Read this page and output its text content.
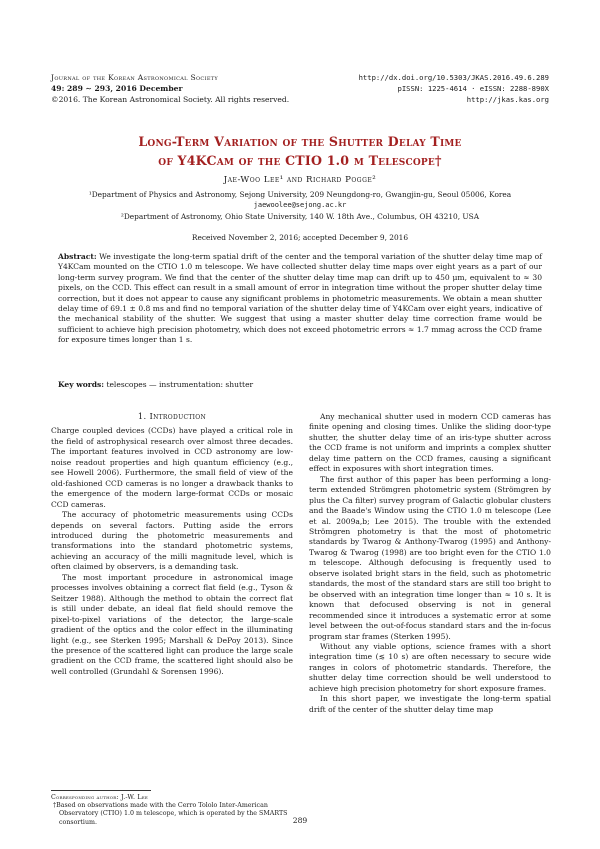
Journal of the Korean Astronomical Society
49: 289 ∼ 293, 2016 December
©2016. The Korean Astronomical Society. All rights reserved.
http://dx.doi.org/10.5303/JKAS.2016.49.6.289
pISSN: 1225-4614 · eISSN: 2288-890X
http://jkas.kas.org
Long-Term Variation of the Shutter Delay Time
of Y4KCam of the CTIO 1.0 m Telescope†
Jae-Woo Lee¹ and Richard Pogge²
¹Department of Physics and Astronomy, Sejong University, 209 Neungdong-ro, Gwangjin-gu, Seoul 05006, Korea
jaewoolee@sejong.ac.kr
²Department of Astronomy, Ohio State University, 140 W. 18th Ave., Columbus, OH 43210, USA
Received November 2, 2016; accepted December 9, 2016
Abstract: We investigate the long-term spatial drift of the center and the temporal variation of the shutter delay time map of Y4KCam mounted on the CTIO 1.0 m telescope. We have collected shutter delay time maps over eight years as a part of our long-term survey program. We find that the center of the shutter delay time map can drift up to 450 μm, equivalent to ≈ 30 pixels, on the CCD. This effect can result in a small amount of error in integration time without the proper shutter delay time correction, but it does not appear to cause any significant problems in photometric measurements. We obtain a mean shutter delay time of 69.1 ± 0.8 ms and find no temporal variation of the shutter delay time of Y4KCam over eight years, indicative of the mechanical stability of the shutter. We suggest that using a master shutter delay time correction frame would be sufficient to achieve high precision photometry, which does not exceed photometric errors ≈ 1.7 mmag across the CCD frame for exposure times longer than 1 s.
Key words: telescopes — instrumentation: shutter
1. Introduction

Charge coupled devices (CCDs) have played a critical role in the field of astrophysical research over almost three decades. The important features involved in CCD astronomy are low-noise readout properties and high quantum efficiency (e.g., see Howell 2006). Furthermore, the small field of view of the old-fashioned CCD cameras is no longer a drawback thanks to the emergence of the modern large-format CCDs or mosaic CCD cameras.

The accuracy of photometric measurements using CCDs depends on several factors. Putting aside the errors introduced during the photometric measurements and transformations into the standard photometric systems, achieving an accuracy of the milli magnitude level, which is often claimed by observers, is a demanding task.

The most important procedure in astronomical image processes involves obtaining a correct flat field (e.g., Tyson & Seitzer 1988). Although the method to obtain the correct flat is still under debate, an ideal flat field should remove the pixel-to-pixel variations of the detector, the large-scale gradient of the optics and the color effect in the illuminating light (e.g., see Sterken 1995; Marshall & DePoy 2013). Since the presence of the scattered light can produce the large scale gradient on the CCD frame, the scattered light should also be well controlled (Grundahl & Sorensen 1996).

Any mechanical shutter used in modern CCD cameras has finite opening and closing times. Unlike the sliding door-type shutter, the shutter delay time of an iris-type shutter across the CCD frame is not uniform and imprints a complex shutter delay time pattern on the CCD frames, causing a significant effect in exposures with short integration times.

The first author of this paper has been performing a long-term extended Strömgren photometric system (Strömgren by plus the Ca filter) survey program of Galactic globular clusters and the Baade's Window using the CTIO 1.0 m telescope (Lee et al. 2009a,b; Lee 2015). The trouble with the extended Strömgren photometry is that the most of photometric standards by Twarog & Anthony-Twarog (1995) and Anthony-Twarog & Twarog (1998) are too bright even for the CTIO 1.0 m telescope. Although defocusing is frequently used to observe isolated bright stars in the field, such as photometric standards, the most of the standard stars are still too bright to be observed with an integration time longer than ≈ 10 s. It is known that defocused observing is not in general recommended since it introduces a systematic error at some level between the out-of-focus standard stars and the in-focus program star frames (Sterken 1995).

Without any viable options, science frames with a short integration time (≲ 10 s) are often necessary to secure wide ranges in colors of photometric standards. Therefore, the shutter delay time correction should be well understood to achieve high precision photometry for short exposure frames.

In this short paper, we investigate the long-term spatial drift of the center of the shutter delay time map

Corresponding author: J.-W. Lee
†Based on observations made with the Cerro Tololo Inter-American Observatory (CTIO) 1.0 m telescope, which is operated by the SMARTS consortium.	289
